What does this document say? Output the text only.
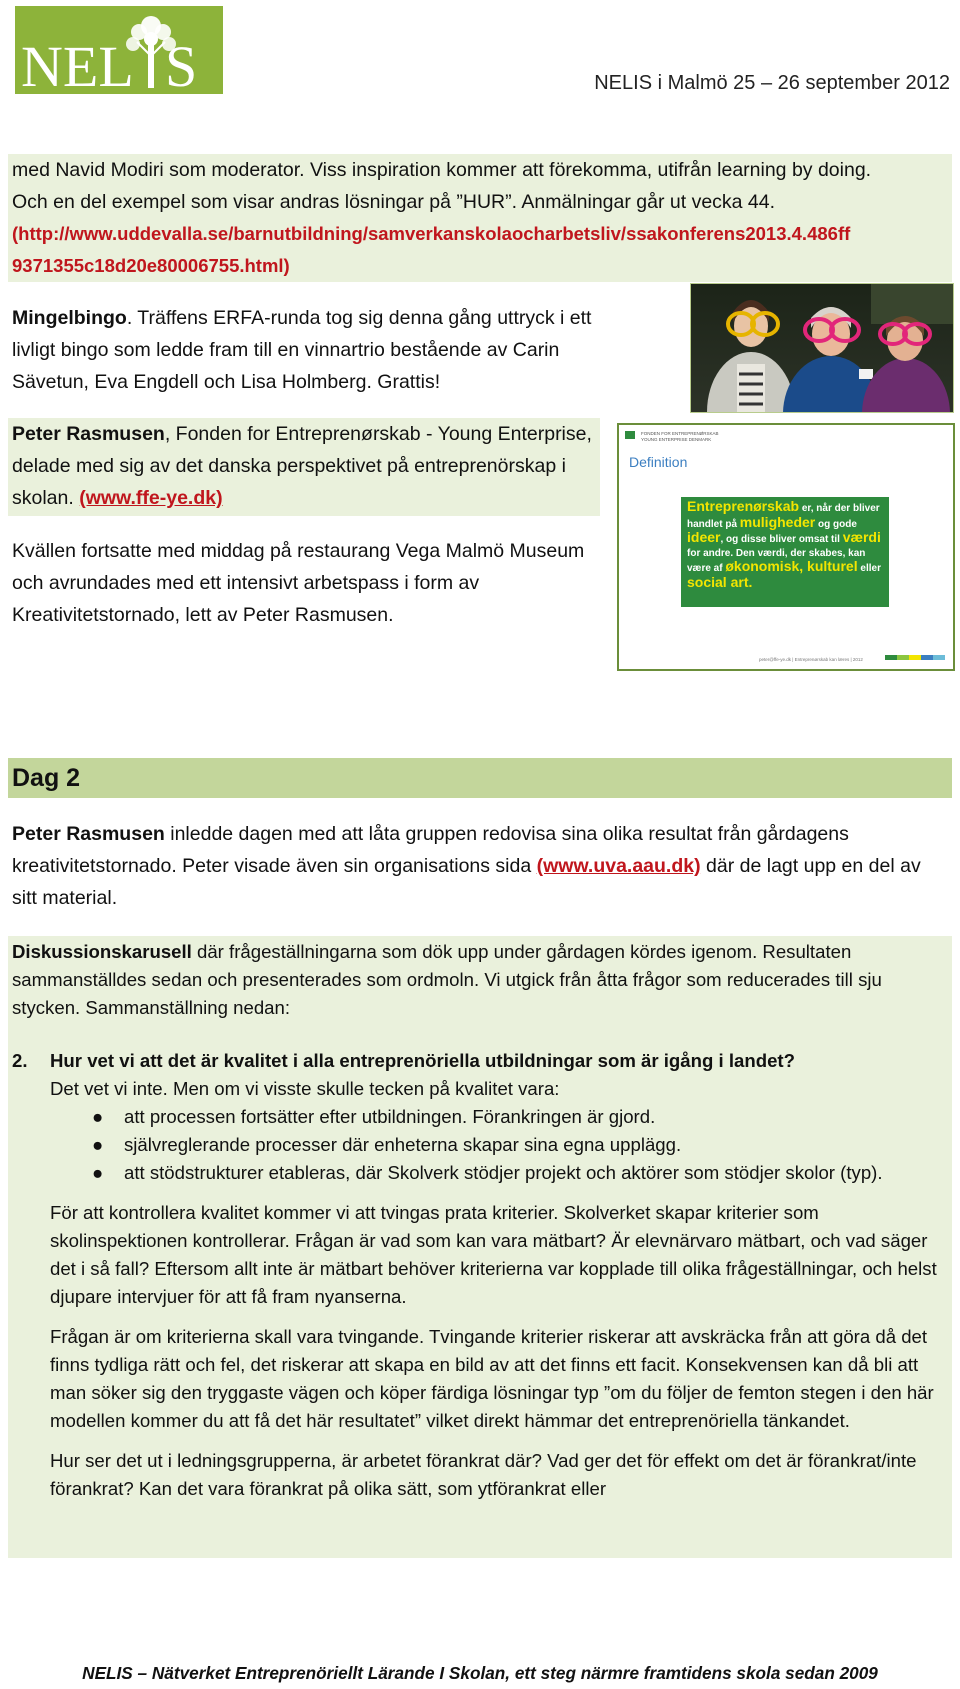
NEL S	NELIS i Malmö 25 – 26 september 2012
med Navid Modiri som moderator. Viss inspiration kommer att förekomma, utifrån learning by doing.
Och en del exempel som visar andras lösningar på ”HUR”. Anmälningar går ut vecka 44.
(http://www.uddevalla.se/barnutbildning/samverkanskolaocharbetsliv/ssakonferens2013.4.486ff
9371355c18d20e80006755.html)
Mingelbingo. Träffens ERFA-runda tog sig denna gång uttryck i ett livligt bingo som ledde fram till en vinnartrio bestående av Carin Sävetun, Eva Engdell och Lisa Holmberg. Grattis!
Peter Rasmusen, Fonden for Entreprenørskab - Young Enterprise, delade med sig av det danska perspektivet på entreprenörskap i skolan. (www.ffe-ye.dk)
FONDEN FOR ENTREPRENØRSKAB
YOUNG ENTERPRISE DENMARK
Definition
Entreprenørskab er, når der bliver handlet på muligheder og gode ideer, og disse bliver omsat til værdi for andre. Den værdi, der skabes, kan være af økonomisk, kulturel eller social art.
peter@ffe-ye.dk | Entreprenørskab kan læres | 2012
Kvällen fortsatte med middag på restaurang Vega Malmö Museum och avrundades med ett intensivt arbetspass i form av Kreativitetstornado, lett av Peter Rasmusen.
Dag 2
Peter Rasmusen inledde dagen med att låta gruppen redovisa sina olika resultat från gårdagens kreativitetstornado. Peter visade även sin organisations sida (www.uva.aau.dk) där de lagt upp en del av sitt material.
Diskussionskarusell där frågeställningarna som dök upp under gårdagen kördes igenom. Resultaten sammanställdes sedan och presenterades som ordmoln. Vi utgick från åtta frågor som reducerades till sju stycken. Sammanställning nedan:
2. Hur vet vi att det är kvalitet i alla entreprenöriella utbildningar som är igång i landet?
Det vet vi inte. Men om vi visste skulle tecken på kvalitet vara:
● att processen fortsätter efter utbildningen. Förankringen är gjord.
● självreglerande processer där enheterna skapar sina egna upplägg.
● att stödstrukturer etableras, där Skolverk stödjer projekt och aktörer som stödjer skolor (typ).
För att kontrollera kvalitet kommer vi att tvingas prata kriterier. Skolverket skapar kriterier som skolinspektionen kontrollerar. Frågan är vad som kan vara mätbart? Är elevnärvaro mätbart, och vad säger det i så fall? Eftersom allt inte är mätbart behöver kriterierna var kopplade till olika frågeställningar, och helst djupare intervjuer för att få fram nyanserna.
Frågan är om kriterierna skall vara tvingande. Tvingande kriterier riskerar att avskräcka från att göra då det finns tydliga rätt och fel, det riskerar att skapa en bild av att det finns ett facit. Konsekvensen kan då bli att man söker sig den tryggaste vägen och köper färdiga lösningar typ ”om du följer de femton stegen i den här modellen kommer du att få det här resultatet” vilket direkt hämmar det entreprenöriella tänkandet.
Hur ser det ut i ledningsgrupperna, är arbetet förankrat där? Vad ger det för effekt om det är förankrat/inte förankrat? Kan det vara förankrat på olika sätt, som ytförankrat eller
NELIS – Nätverket Entreprenöriellt Lärande I Skolan, ett steg närmre framtidens skola sedan 2009
